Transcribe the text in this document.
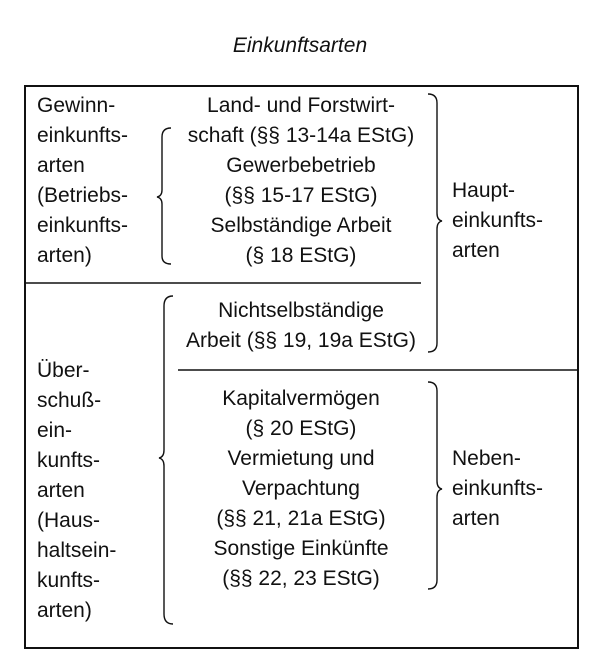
Einkunftsarten
Gewinn-
einkunfts-
arten
(Betriebs-
einkunfts-
arten)
Über-
schuß-
ein-
kunfts-
arten
(Haus-
haltsein-
kunfts-
arten)
Land- und Forstwirt-
schaft (§§ 13-14a EStG)
Gewerbebetrieb
(§§ 15-17 EStG)
Selbständige Arbeit
(§ 18 EStG)
Nichtselbständige
Arbeit (§§ 19, 19a EStG)
Kapitalvermögen
(§ 20 EStG)
Vermietung und
Verpachtung
(§§ 21, 21a EStG)
Sonstige Einkünfte
(§§ 22, 23 EStG)
Haupt-
einkunfts-
arten
Neben-
einkunfts-
arten
